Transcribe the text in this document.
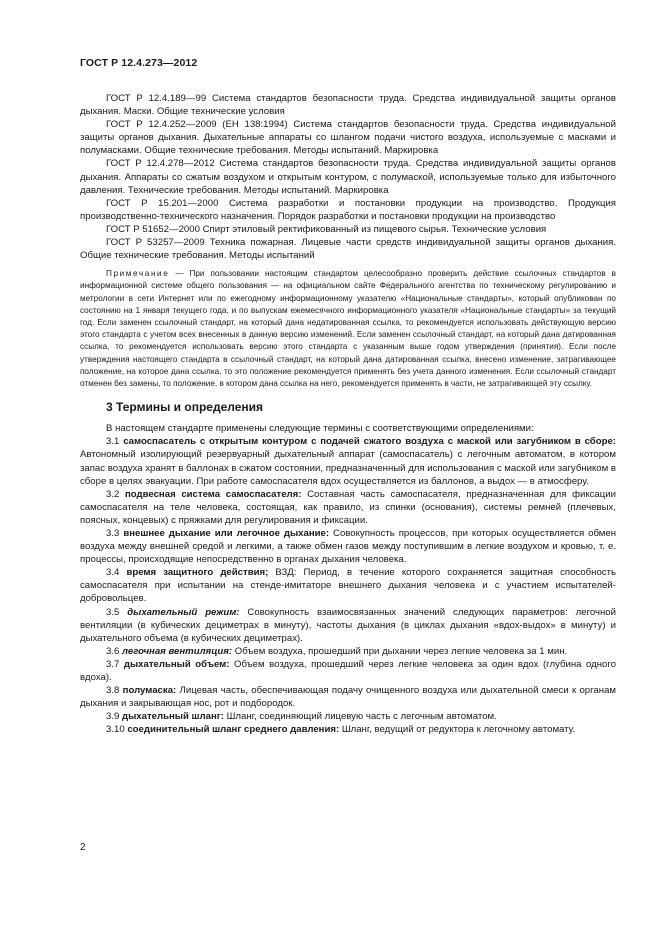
ГОСТ Р 12.4.273—2012

ГОСТ Р 12.4.189—99 Система стандартов безопасности труда. Средства индивидуальной защиты органов дыхания. Маски. Общие технические условия

ГОСТ Р 12.4.252—2009 (ЕН 138:1994) Система стандартов безопасности труда. Средства индивидуальной защиты органов дыхания. Дыхательные аппараты со шлангом подачи чистого воздуха, используемые с масками и полумасками. Общие технические требования. Методы испытаний. Маркировка

ГОСТ Р 12.4.278—2012 Система стандартов безопасности труда. Средства индивидуальной защиты органов дыхания. Аппараты со сжатым воздухом и открытым контуром, с полумаской, используемые только для избыточного давления. Технические требования. Методы испытаний. Маркировка

ГОСТ Р 15.201—2000 Система разработки и постановки продукции на производство. Продукция производственно-технического назначения. Порядок разработки и постановки продукции на производство

ГОСТ Р 51652—2000 Спирт этиловый ректификованный из пищевого сырья. Технические условия

ГОСТ Р 53257—2009 Техника пожарная. Лицевые части средств индивидуальной защиты органов дыхания. Общие технические требования. Методы испытаний

Примечание — При пользовании настоящим стандартом целесообразно проверить действие ссылочных стандартов в информационной системе общего пользования — на официальном сайте Федерального агентства по техническому регулированию и метрологии в сети Интернет или по ежегодному информационному указателю «Национальные стандарты», который опубликован по состоянию на 1 января текущего года, и по выпускам ежемесячного информационного указателя «Национальные стандарты» за текущий год. Если заменен ссылочный стандарт, на который дана недатированная ссылка, то рекомендуется использовать действующую версию этого стандарта с учетом всех внесенных в данную версию изменений. Если заменен ссылочный стандарт, на который дана датированная ссылка, то рекомендуется использовать версию этого стандарта с указанным выше годом утверждения (принятия). Если после утверждения настоящего стандарта в ссылочный стандарт, на который дана датированная ссылка, внесено изменение, затрагивающее положение, на которое дана ссылка, то это положение рекомендуется применять без учета данного изменения. Если ссылочный стандарт отменен без замены, то положение, в котором дана ссылка на него, рекомендуется применять в части, не затрагивающей эту ссылку.

3 Термины и определения

В настоящем стандарте применены следующие термины с соответствующими определениями:

3.1 самоспасатель с открытым контуром с подачей сжатого воздуха с маской или загубником в сборе: Автономный изолирующий резервуарный дыхательный аппарат (самоспасатель) с легочным автоматом, в котором запас воздуха хранят в баллонах в сжатом состоянии, предназначенный для использования с маской или загубником в сборе в целях эвакуации. При работе самоспасателя вдох осуществляется из баллонов, а выдох — в атмосферу.

3.2 подвесная система самоспасателя: Составная часть самоспасателя, предназначенная для фиксации самоспасателя на теле человека, состоящая, как правило, из спинки (основания), системы ремней (плечевых, поясных, концевых) с пряжками для регулирования и фиксации.

3.3 внешнее дыхание или легочное дыхание: Совокупность процессов, при которых осуществляется обмен воздуха между внешней средой и легкими, а также обмен газов между поступившим в легкие воздухом и кровью, т. е. процессы, происходящие непосредственно в органах дыхания человека.

3.4 время защитного действия; ВЗД: Период, в течение которого сохраняется защитная способность самоспасателя при испытании на стенде-имитаторе внешнего дыхания человека и с участием испытателей-добровольцев.

3.5 дыхательный режим: Совокупность взаимосвязанных значений следующих параметров: легочной вентиляции (в кубических дециметрах в минуту), частоты дыхания (в циклах дыхания «вдох-выдох» в минуту) и дыхательного объема (в кубических дециметрах).

3.6 легочная вентиляция: Объем воздуха, прошедший при дыхании через легкие человека за 1 мин.

3.7 дыхательный объем: Объем воздуха, прошедший через легкие человека за один вдох (глубина одного вдоха).

3.8 полумаска: Лицевая часть, обеспечивающая подачу очищенного воздуха или дыхательной смеси к органам дыхания и закрывающая нос, рот и подбородок.

3.9 дыхательный шланг: Шланг, соединяющий лицевую часть с легочным автоматом.

3.10 соединительный шланг среднего давления: Шланг, ведущий от редуктора к легочному автомату.

2
